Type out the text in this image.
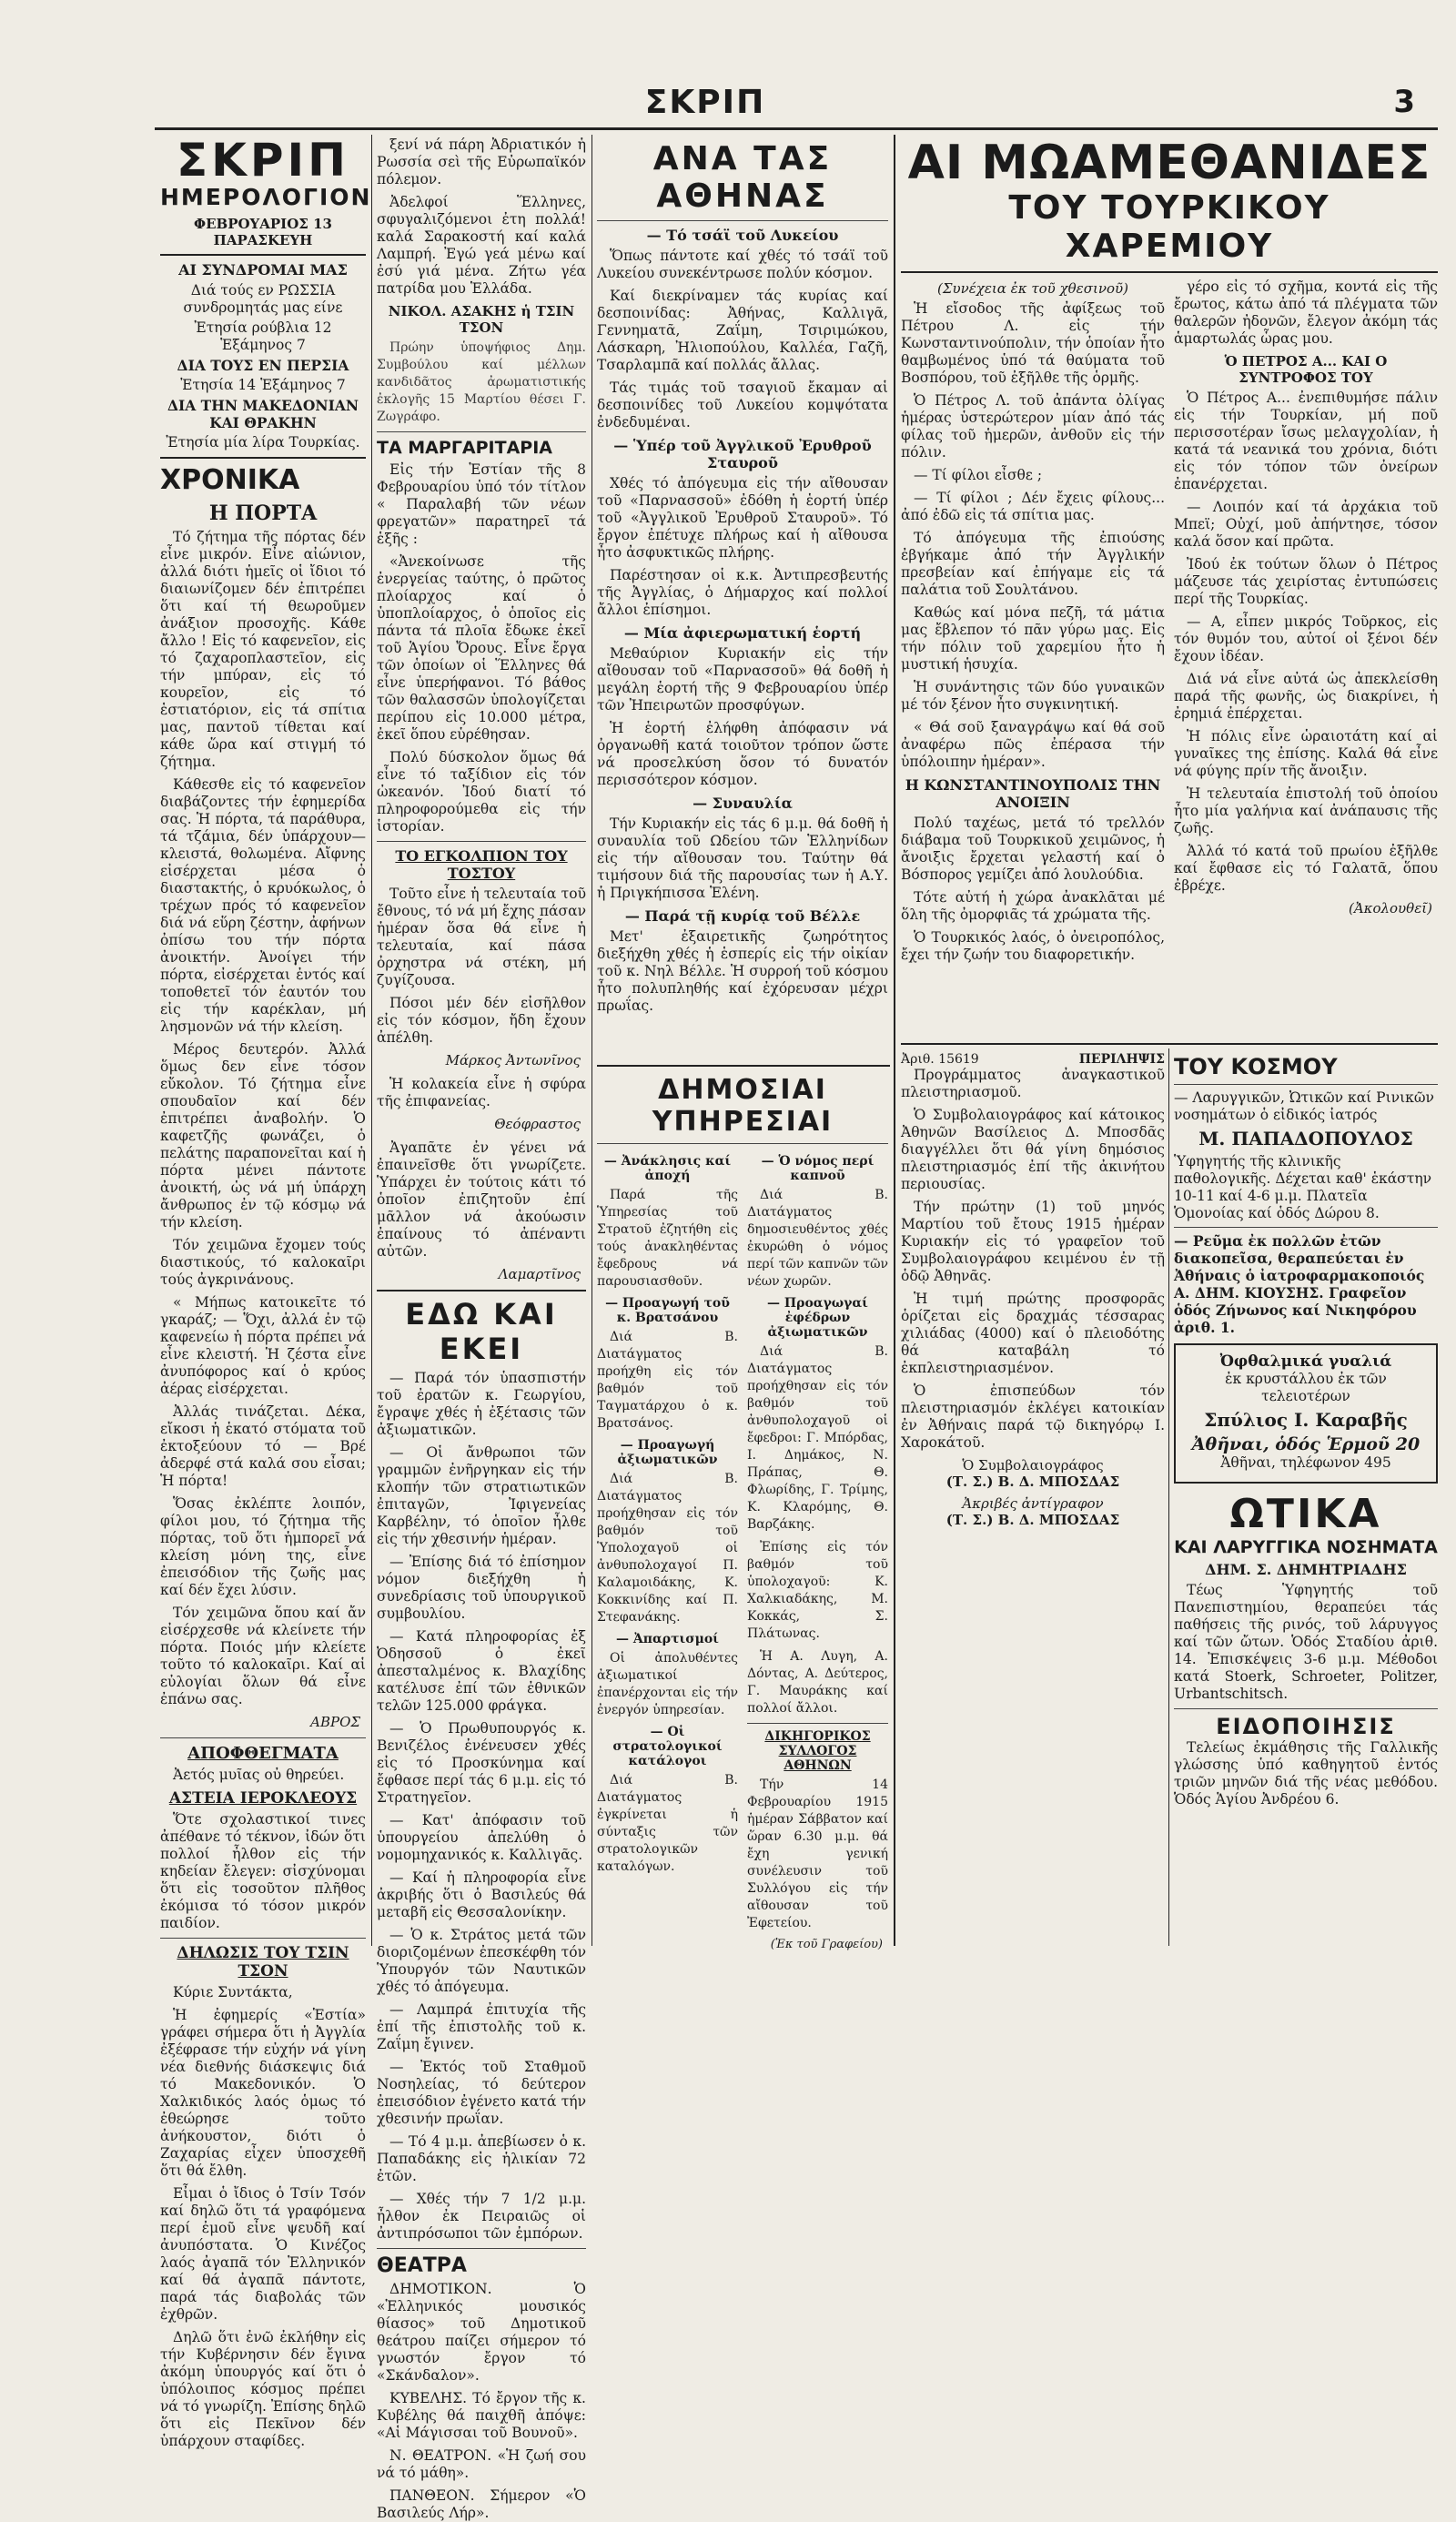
ΣΚΡΙΠ	3
ΣΚΡΙΠ
ΗΜΕΡΟΛΟΓΙΟΝ
ΦΕΒΡΟΥΑΡΙΟΣ 13 ΠΑΡΑΣΚΕΥΗ
ΑΙ ΣΥΝΔΡΟΜΑΙ ΜΑΣ
Διά τούς εν ΡΩΣΣΙΑ συνδρομητάς μας είνε
Ἐτησία ρούβλια 12 Ἑξάμηνος 7
ΔΙΑ ΤΟΥΣ ΕΝ ΠΕΡΣΙΑ
Ἐτησία 14 Ἑξάμηνος 7
ΔΙΑ ΤΗΝ ΜΑΚΕΔΟΝΙΑΝ ΚΑΙ ΘΡΑΚΗΝ
Ἐτησία μία λίρα Τουρκίας.
ΧΡΟΝΙΚΑ
Η ΠΟΡΤΑ

Τό ζήτημα τῆς πόρτας δέν εἶνε μικρόν. Εἶνε αἰώνιον, ἀλλά διότι ἡμεῖς οἱ ἴδιοι τό διαιωνίζομεν δέν ἐπιτρέπει ὅτι καί τή θεωροῦμεν ἀνάξιον προσοχῆς. Κάθε ἄλλο ! Εἰς τό καφενεῖον, εἰς τό ζαχαροπλαστεῖον, εἰς τήν μπύραν, εἰς τό κουρεῖον, εἰς τό ἑστιατόριον, εἰς τά σπίτια μας, παντοῦ τίθεται καί κάθε ὥρα καί στιγμή τό ζήτημα.

Κάθεσθε εἰς τό καφενεῖον διαβάζοντες τήν ἐφημερίδα σας. Ἡ πόρτα, τά παράθυρα, τά τζάμια, δέν ὑπάρχουν—κλειστά, θολωμένα. Αἴφνης εἰσέρχεται μέσα ὁ διαστακτής, ὁ κρυόκωλος, ὁ τρέχων πρός τό καφενεῖον διά νά εὕρη ζέστην, ἀφήνων ὀπίσω του τήν πόρτα ἀνοικτήν. Ἀνοίγει τήν πόρτα, εἰσέρχεται ἐντός καί τοποθετεῖ τόν ἑαυτόν του εἰς τήν καρέκλαν, μή λησμονῶν νά τήν κλείση.

Μέρος δευτερόν. Ἀλλά ὅμως δεν εἶνε τόσον εὔκολον. Τό ζήτημα εἶνε σπουδαῖον καί δέν ἐπιτρέπει ἀναβολήν. Ὁ καφετζῆς φωνάζει, ὁ πελάτης παραπονεῖται καί ἡ πόρτα μένει πάντοτε ἀνοικτή, ὡς νά μή ὑπάρχη ἄνθρωπος ἐν τῷ κόσμῳ νά τήν κλείση.

Τόν χειμῶνα ἔχομεν τούς διαστικούς, τό καλοκαῖρι τούς ἀγκρινάνους.

« Μήπως κατοικεῖτε τό γκαράζ; — Ὅχι, ἀλλά ἐν τῷ καφενείω ἡ πόρτα πρέπει νά εἶνε κλειστή. Ἡ ζέστα εἶνε ἀνυπόφορος καί ὁ κρύος ἀέρας εἰσέρχεται.

Ἀλλάς τινάζεται. Δέκα, εἴκοσι ἡ ἑκατό στόματα τοῦ ἐκτοξεύουν τό — Βρέ ἀδερφέ στά καλά σου εἶσαι; Ἡ πόρτα!

Ὅσας ἐκλέπτε λοιπόν, φίλοι μου, τό ζήτημα τῆς πόρτας, τοῦ ὅτι ἡμπορεῖ νά κλείση μόνη της, εἶνε ἐπεισόδιον τῆς ζωῆς μας καί δέν ἔχει λύσιν.

Τόν χειμῶνα ὅπου καί ἄν εἰσέρχεσθε νά κλείνετε τήν πόρτα. Ποιός μήν κλείετε τοῦτο τό καλοκαῖρι. Καί αἱ εὐλογίαι ὅλων θά εἶνε ἐπάνω σας.

ΑΒΡΟΣ
ΑΠΟΦΘΕΓΜΑΤΑ

Ἀετός μυῖας οὐ θηρεύει.

ΑΣΤΕΙΑ ΙΕΡΟΚΛΕΟΥΣ

Ὅτε σχολαστικοί τινες ἀπέθανε τό τέκνον, ἰδών ὅτι πολλοί ἦλθον εἰς τήν κηδείαν ἔλεγεν: σἰσχύνομαι ὅτι εἰς τοσοῦτον πλῆθος ἐκόμισα τό τόσον μικρόν παιδίον.

ΔΗΛΩΣΙΣ ΤΟΥ ΤΣΙΝ ΤΣΟΝ

Κύριε Συντάκτα,

Ἡ ἐφημερίς «Ἑστία» γράφει σήμερα ὅτι ἡ Ἀγγλία ἐξέφρασε τήν εὐχήν νά γίνη νέα διεθνής διάσκεψις διά τό Μακεδονικόν. Ὁ Χαλκιδικός λαός ὁμως τό ἐθεώρησε τοῦτο ἀνήκουστον, διότι ὁ Ζαχαρίας εἶχεν ὑποσχεθῆ ὅτι θά ἔλθη.

Εἶμαι ὁ ἴδιος ὁ Τσίν Τσόν καί δηλῶ ὅτι τά γραφόμενα περί ἐμοῦ εἶνε ψευδῆ καί ἀνυπόστατα. Ὁ Κινέζος λαός ἀγαπᾶ τόν Ἑλληνικόν καί θά ἀγαπᾶ πάντοτε, παρά τάς διαβολάς τῶν ἐχθρῶν.

Δηλῶ ὅτι ἐνῶ ἐκλήθην εἰς τήν Κυβέρνησιν δέν ἔγινα ἀκόμη ὑπουργός καί ὅτι ὁ ὑπόλοιπος κόσμος πρέπει νά τό γνωρίζη. Ἐπίσης δηλῶ ὅτι εἰς Πεκῖνον δέν ὑπάρχουν σταφίδες.

ξενί νά πάρη Ἀδριατικόν ἡ Ρωσσία σεὶ τῆς Εὐρωπαϊκόν πόλεμον.

Ἀδελφοί Ἕλληνες, σφυγαλιζόμενοι ἐτη πολλά! καλά Σαρακοστή καί καλά Λαμπρή. Ἐγώ γεά μένω καί ἐσύ γιά μένα. Ζήτω γέα πατρίδα μου Ἑλλάδα.

ΝΙΚΟΛ. ΑΣΑΚΗΣ ἡ ΤΣΙΝ ΤΣΟΝ

Πρώην ὑποψήφιος Δημ. Συμβούλου καί μέλλων κανδιδᾶτος ἀρωματιστικής ἐκλογῆς 15 Μαρτίου θέσει Γ. Ζωγράφο.

ΤΑ ΜΑΡΓΑΡΙΤΑΡΙΑ

Εἰς τήν Ἑστίαν τῆς 8 Φεβρουαρίου ὑπό τόν τίτλον « Παραλαβή τῶν νέων φρεγατῶν» παρατηρεῖ τά ἑξῆς :

«Ἀνεκοίνωσε τῆς ἐνεργείας ταύτης, ὁ πρῶτος πλοίαρχος καί ὁ ὑποπλοίαρχος, ὁ ὁποῖος εἰς πάντα τά πλοῖα ἔδωκε ἐκεῖ τοῦ Ἁγίου Ὄρους. Εἶνε ἔργα τῶν ὁποίων οἱ Ἕλληνες θά εἶνε ὑπερήφανοι. Τό βάθος τῶν θαλασσῶν ὑπολογίζεται περίπου εἰς 10.000 μέτρα, ἐκεῖ ὅπου εὑρέθησαν.

Πολύ δύσκολον ὅμως θά εἶνε τό ταξίδιον εἰς τόν ὠκεανόν. Ἰδού διατί τό πληροφορούμεθα εἰς τήν ἱστορίαν.

ΤΟ ΕΓΚΟΛΠΙΟΝ ΤΟΥ ΤΟΣΤΟΥ

Τοῦτο εἶνε ἡ τελευταία τοῦ ἔθνους, τό νά μή ἔχης πάσαν ἡμέραν ὅσα θά εἶνε ἡ τελευταία, καί πάσα ὀρχηστρα νά στέκη, μή ζυγίζουσα.

Πόσοι μέν δέν εἰσῆλθον εἰς τόν κόσμον, ἤδη ἔχουν ἀπέλθη.

Μάρκος Ἀντωνῖνος

Ἡ κολακεία εἶνε ἡ σφύρα τῆς ἐπιφανείας.

Θεόφραστος

Ἀγαπᾶτε ἐν γένει νά ἐπαινεῖσθε ὅτι γνωρίζετε. Ὑπάρχει ἐν τούτοις κάτι τό ὁποῖον ἐπιζητοῦν ἐπί μᾶλλον νά ἀκούωσιν ἐπαίνους τό ἀπέναντι αὐτῶν.

Λαμαρτῖνος
ΕΔΩ ΚΑΙ ΕΚΕΙ

— Παρά τόν ὑπασπιστήν τοῦ ἐρατῶν κ. Γεωργίου, ἔγραψε χθές ἡ ἐξέτασις τῶν ἀξιωματικῶν.

— Οἱ ἄνθρωποι τῶν γραμμῶν ἐνῆργηκαν εἰς τήν κλοπήν τῶν στρατιωτικῶν ἐπιταγῶν, Ἰφιγενείας Καρβέλην, τό ὁποῖον ἦλθε εἰς τήν χθεσινήν ἡμέραν.

— Ἐπίσης διά τό ἐπίσημον νόμον διεξήχθη ἡ συνεδρίασις τοῦ ὑπουργικοῦ συμβουλίου.

— Κατά πληροφορίας ἐξ Ὀδησσοῦ ὁ ἐκεῖ ἀπεσταλμένος κ. Βλαχίδης κατέλυσε ἐπί τῶν ἐθνικῶν τελῶν 125.000 φράγκα.

— Ὁ Πρωθυπουργός κ. Βενιζέλος ἐνένευσεν χθές εἰς τό Προσκύνημα καί ἔφθασε περί τάς 6 μ.μ. εἰς τό Στρατηγεῖον.

— Κατ' ἀπόφασιν τοῦ ὑπουργείου ἀπελύθη ὁ νομομηχανικός κ. Καλλιγᾶς.

— Καί ἡ πληροφορία εἶνε ἀκριβής ὅτι ὁ Βασιλεύς θά μεταβῆ εἰς Θεσσαλονίκην.

— Ὁ κ. Στράτος μετά τῶν διοριζομένων ἐπεσκέφθη τόν Ὑπουργόν τῶν Ναυτικῶν χθές τό ἀπόγευμα.

— Λαμπρά ἐπιτυχία τῆς ἐπί τῆς ἐπιστολῆς τοῦ κ. Ζαΐμη ἔγινεν.

— Ἐκτός τοῦ Σταθμοῦ Νοσηλείας, τό δεύτερον ἐπεισόδιον ἐγένετο κατά τήν χθεσινήν πρωΐαν.

— Τό 4 μ.μ. ἀπεβίωσεν ὁ κ. Παπαδάκης εἰς ἡλικίαν 72 ἐτῶν.

— Χθές τήν 7 1/2 μ.μ. ἦλθον ἐκ Πειραιῶς οἱ ἀντιπρόσωποι τῶν ἐμπόρων.

ΘΕΑΤΡΑ

ΔΗΜΟΤΙΚΟΝ. Ὁ «Ἑλληνικός μουσικός θίασος» τοῦ Δημοτικοῦ θεάτρου παίζει σήμερον τό γνωστόν ἔργον τό «Σκάνδαλον».

ΚΥΒΕΛΗΣ. Τό ἔργον τῆς κ. Κυβέλης θά παιχθῆ ἀπόψε: «Αἱ Μάγισσαι τοῦ Βουνοῦ».

Ν. ΘΕΑΤΡΟΝ. «Ἡ ζωή σου νά τό μάθη».

ΠΑΝΘΕΟΝ. Σήμερον «Ὁ Βασιλεύς Λήρ».

ΑΝΑ ΤΑΣ ΑΘΗΝΑΣ
— Τό τσάϊ τοῦ Λυκείου

Ὅπως πάντοτε καί χθές τό τσάϊ τοῦ Λυκείου συνεκέντρωσε πολύν κόσμον.

Καί διεκρίναμεν τάς κυρίας καί δεσποινίδας: Ἀθήνας, Καλλιγᾶ, Γεννηματᾶ, Ζαΐμη, Τσιριμώκου, Λάσκαρη, Ἠλιοπούλου, Καλλέα, Γαζῆ, Τσαρλαμπᾶ καί πολλάς ἄλλας.

Τάς τιμάς τοῦ τσαγιοῦ ἔκαμαν αἱ δεσποινίδες τοῦ Λυκείου κομψότατα ἐνδεδυμέναι.

— Ὑπέρ τοῦ Ἀγγλικοῦ Ἐρυθροῦ Σταυροῦ

Χθές τό ἀπόγευμα εἰς τήν αἴθουσαν τοῦ «Παρνασσοῦ» ἐδόθη ἡ ἑορτή ὑπέρ τοῦ «Ἀγγλικοῦ Ἐρυθροῦ Σταυροῦ». Τό ἔργον ἐπέτυχε πλήρως καί ἡ αἴθουσα ἦτο ἀσφυκτικῶς πλήρης.

Παρέστησαν οἱ κ.κ. Ἀντιπρεσβευτής τῆς Ἀγγλίας, ὁ Δήμαρχος καί πολλοί ἄλλοι ἐπίσημοι.

— Μία ἀφιερωματική ἑορτή

Μεθαύριον Κυριακήν εἰς τήν αἴθουσαν τοῦ «Παρνασσοῦ» θά δοθῆ ἡ μεγάλη ἑορτή τῆς 9 Φεβρουαρίου ὑπέρ τῶν Ἠπειρωτῶν προσφύγων.

Ἡ ἑορτή ἐλήφθη ἀπόφασιν νά ὀργανωθῆ κατά τοιοῦτον τρόπον ὥστε νά προσελκύση ὅσον τό δυνατόν περισσότερον κόσμον.

— Συναυλία

Τήν Κυριακήν εἰς τάς 6 μ.μ. θά δοθῆ ἡ συναυλία τοῦ Ωδείου τῶν Ἑλληνίδων εἰς τήν αἴθουσαν του. Ταύτην θά τιμήσουν διά τῆς παρουσίας των ἡ Α.Υ. ἡ Πριγκήπισσα Ἑλένη.

— Παρά τῇ κυρίᾳ τοῦ Βέλλε

Μετ' ἐξαιρετικῆς ζωηρότητος διεξήχθη χθές ἡ ἑσπερίς εἰς τήν οἰκίαν τοῦ κ. Νηλ Βέλλε. Ἡ συρροή τοῦ κόσμου ἦτο πολυπληθής καί ἐχόρευσαν μέχρι πρωΐας.

ΔΗΜΟΣΙΑΙ ΥΠΗΡΕΣΙΑΙ
— Ἀνάκλησις καί ἀποχή

Παρά τῆς Ὑπηρεσίας τοῦ Στρατοῦ ἐζητήθη εἰς τούς ἀνακληθέντας ἔφεδρους νά παρουσιασθοῦν.

— Προαγωγή τοῦ κ. Βρατσάνου

Διά Β. Διατάγματος προήχθη εἰς τόν βαθμόν τοῦ Ταγματάρχου ὁ κ. Βρατσάνος.

— Προαγωγή ἀξιωματικῶν

Διά Β. Διατάγματος προήχθησαν εἰς τόν βαθμόν τοῦ Ὑπολοχαγοῦ οἱ ἀνθυπολοχαγοί Π. Καλαμοιδάκης, Κ. Κοκκινίδης καί Π. Στεφανάκης.

— Ἀπαρτισμοί

Οἱ ἀπολυθέντες ἀξιωματικοί ἐπανέρχονται εἰς τήν ἐνεργόν ὑπηρεσίαν.

— Οἱ στρατολογικοί κατάλογοι

Διά Β. Διατάγματος ἐγκρίνεται ἡ σύνταξις τῶν στρατολογικῶν καταλόγων.

— Ὁ νόμος περί καπνοῦ

Διά Β. Διατάγματος δημοσιευθέντος χθές ἐκυρώθη ὁ νόμος περί τῶν καπνῶν τῶν νέων χωρῶν.

— Προαγωγαί ἐφέδρων ἀξιωματικῶν

Διά Β. Διατάγματος προήχθησαν εἰς τόν βαθμόν τοῦ ἀνθυπολοχαγοῦ οἱ ἔφεδροι: Γ. Μπόρδας, Ι. Δημάκος, Ν. Πράπας, Θ. Φλωρίδης, Γ. Τρίμης, Κ. Κλαρόμης, Θ. Βαρζάκης.

Ἐπίσης εἰς τόν βαθμόν τοῦ ὑπολοχαγοῦ: Κ. Χαλκιαδάκης, Μ. Κοκκάς, Σ. Πλάτωνας.

Ἡ Α. Λυγη, Α. Δόντας, Α. Δεύτερος, Γ. Μαυράκης καί πολλοί ἄλλοι.

ΔΙΚΗΓΟΡΙΚΟΣ ΣΥΛΛΟΓΟΣ ΑΘΗΝΩΝ

Τήν 14 Φεβρουαρίου 1915 ἡμέραν Σάββατον καί ὥραν 6.30 μ.μ. θά ἔχη γενική συνέλευσιν τοῦ Συλλόγου εἰς τήν αἴθουσαν τοῦ Ἐφετείου.

(Ἐκ τοῦ Γραφείου)
ΑΙ ΜΩΑΜΕΘΑΝΙΔΕΣ
ΤΟΥ ΤΟΥΡΚΙΚΟΥ ΧΑΡΕΜΙΟΥ
(Συνέχεια ἐκ τοῦ χθεσινοῦ)

Ἡ εἴσοδος τῆς ἀφίξεως τοῦ Πέτρου Λ. εἰς τήν Κωνσταντινούπολιν, τήν ὁποίαν ἦτο θαμβωμένος ὑπό τά θαύματα τοῦ Βοσπόρου, τοῦ ἐξῆλθε τῆς ὁρμῆς.

Ὁ Πέτρος Λ. τοῦ ἀπάντα ὀλίγας ἡμέρας ὑστερώτερον μίαν ἀπό τάς φίλας τοῦ ἡμερῶν, ἀνθοῦν εἰς τήν πόλιν.

— Τί φίλοι εἶσθε ;

— Τί φίλοι ; Δέν ἔχεις φίλους... ἀπό ἐδῶ εἰς τά σπίτια μας.

Τό ἀπόγευμα τῆς ἐπιούσης ἐβγήκαμε ἀπό τήν Ἀγγλικήν πρεσβείαν καί ἐπήγαμε εἰς τά παλάτια τοῦ Σουλτάνου.

Καθώς καί μόνα πεζῆ, τά μάτια μας ἔβλεπον τό πᾶν γύρω μας. Εἰς τήν πόλιν τοῦ χαρεμίου ἦτο ἡ μυστική ἡσυχία.

Ἡ συνάντησις τῶν δύο γυναικῶν μέ τόν ξένον ἦτο συγκινητική.

« Θά σοῦ ξαναγράψω καί θά σοῦ ἀναφέρω πῶς ἐπέρασα τήν ὑπόλοιπην ἡμέραν».

Η ΚΩΝΣΤΑΝΤΙΝΟΥΠΟΛΙΣ ΤΗΝ ΑΝΟΙΞΙΝ

Πολύ ταχέως, μετά τό τρελλόν διάβαμα τοῦ Τουρκικοῦ χειμῶνος, ἡ ἄνοιξις ἔρχεται γελαστή καί ὁ Βόσπορος γεμίζει ἀπό λουλούδια.

Τότε αὐτή ἡ χώρα ἀνακλᾶται μέ ὅλη τῆς ὀμορφιᾶς τά χρώματα τῆς.

Ὁ Τουρκικός λαός, ὁ ὀνειροπόλος, ἔχει τήν ζωήν του διαφορετικήν.

γέρο εἰς τό σχῆμα, κοντά εἰς τῆς ἔρωτος, κάτω ἀπό τά πλέγματα τῶν θαλερῶν ἠδονῶν, ἔλεγον ἀκόμη τάς ἁμαρτωλάς ὧρας μου.

Ὁ ΠΕΤΡΟΣ Α... ΚΑΙ Ο ΣΥΝΤΡΟΦΟΣ ΤΟΥ

Ὁ Πέτρος Α... ἐνεπιθυμήσε πάλιν εἰς τήν Τουρκίαν, μή ποῦ περισσοτέραν ἴσως μελαγχολίαν, ἡ κατά τά νεανικά του χρόνια, διότι εἰς τόν τόπον τῶν ὀνείρων ἐπανέρχεται.

— Λοιπόν καί τά ἀρχάκια τοῦ Μπεϊ; Οὐχί, μοῦ ἀπήντησε, τόσον καλά ὅσον καί πρῶτα.

Ἰδού ἐκ τούτων ὅλων ὁ Πέτρος μάζευσε τάς χειρίστας ἐντυπώσεις περί τῆς Τουρκίας.

— Α, εἶπεν μικρός Τοῦρκος, εἰς τόν θυμόν του, αὐτοί οἱ ξένοι δέν ἔχουν ἰδέαν.

Διά νά εἶνε αὐτά ὡς ἀπεκλείσθη παρά τῆς φωνῆς, ὡς διακρίνει, ἡ ἐρημιά ἐπέρχεται.

Ἡ πόλις εἶνε ὡραιοτάτη καί αἱ γυναῖκες της ἐπίσης. Καλά θά εἶνε νά φύγης πρίν τῆς ἄνοιξιν.

Ἡ τελευταία ἐπιστολή τοῦ ὁποίου ἦτο μία γαλήνια καί ἀνάπαυσις τῆς ζωῆς.

Ἀλλά τό κατά τοῦ πρωίου ἐξῆλθε καί ἔφθασε εἰς τό Γαλατᾶ, ὅπου ἐβρέχε.

(Ἀκολουθεῖ)
Ἀριθ. 15619	ΠΕΡΙΛΗΨΙΣ

Προγράμματος ἀναγκαστικοῦ πλειστηριασμοῦ.

Ὁ Συμβολαιογράφος καί κάτοικος Ἀθηνῶν Βασίλειος Δ. Μποσδᾶς διαγγέλλει ὅτι θά γίνη δημόσιος πλειστηριασμός ἐπί τῆς ἀκινήτου περιουσίας.

Τήν πρώτην (1) τοῦ μηνός Μαρτίου τοῦ ἔτους 1915 ἡμέραν Κυριακήν εἰς τό γραφεῖον τοῦ Συμβολαιογράφου κειμένου ἐν τῇ ὁδῷ Ἀθηνᾶς.

Ἡ τιμή πρώτης προσφορᾶς ὁρίζεται εἰς δραχμάς τέσσαρας χιλιάδας (4000) καί ὁ πλειοδότης θά καταβάλη τό ἐκπλειστηριασμένον.

Ὁ ἐπισπεύδων τόν πλειστηριασμόν ἐκλέγει κατοικίαν ἐν Ἀθήναις παρά τῷ δικηγόρῳ Ι. Χαροκάτοῦ.

Ὁ Συμβολαιογράφος
(Τ. Σ.) Β. Δ. ΜΠΟΣΔΑΣ
Ἀκριβές ἀντίγραφον
(Τ. Σ.) Β. Δ. ΜΠΟΣΔΑΣ
ΤΟΥ ΚΟΣΜΟΥ
— Λαρυγγικῶν, Ὠτικῶν καί Ρινικῶν νοσημάτων ὁ εἰδικός ἰατρός
Μ. ΠΑΠΑΔΟΠΟΥΛΟΣ
Ὑφηγητής τῆς κλινικῆς παθολογικῆς. Δέχεται καθ' ἑκάστην 10-11 καί 4-6 μ.μ. Πλατεῖα Ὁμονοίας καί ὁδός Δώρου 8.
— Ρεῦμα ἐκ πολλῶν ἐτῶν διακοπεῖσα, θεραπεύεται ἐν Ἀθήναις ὁ ἰατροφαρμακοποιός Α. ΔΗΜ. ΚΙΟΥΣΗΣ. Γραφεῖον ὁδός Ζήνωνος καί Νικηφόρου ἀριθ. 1.
Ὀφθαλμικά γυαλιά
ἐκ κρυστάλλου ἐκ τῶν τελειοτέρων
Σπύλιος Ι. Καραβῆς
Ἀθῆναι, ὁδός Ἑρμοῦ 20
Ἀθῆναι, τηλέφωνον 495
ΩΤΙΚΑ
ΚΑΙ ΛΑΡΥΓΓΙΚΑ ΝΟΣΗΜΑΤΑ
ΔΗΜ. Σ. ΔΗΜΗΤΡΙΑΔΗΣ

Τέως Ὑφηγητής τοῦ Πανεπιστημίου, θεραπεύει τάς παθήσεις τῆς ρινός, τοῦ λάρυγγος καί τῶν ὤτων. Ὁδός Σταδίου ἀριθ. 14. Ἐπισκέψεις 3-6 μ.μ. Μέθοδοι κατά Stoerk, Schroeter, Politzer, Urbantschitsch.

ΕΙΔΟΠΟΙΗΣΙΣ

Τελείως ἐκμάθησις τῆς Γαλλικῆς γλώσσης ὑπό καθηγητοῦ ἐντός τριῶν μηνῶν διά τῆς νέας μεθόδου. Ὁδός Ἁγίου Ἀνδρέου 6.
